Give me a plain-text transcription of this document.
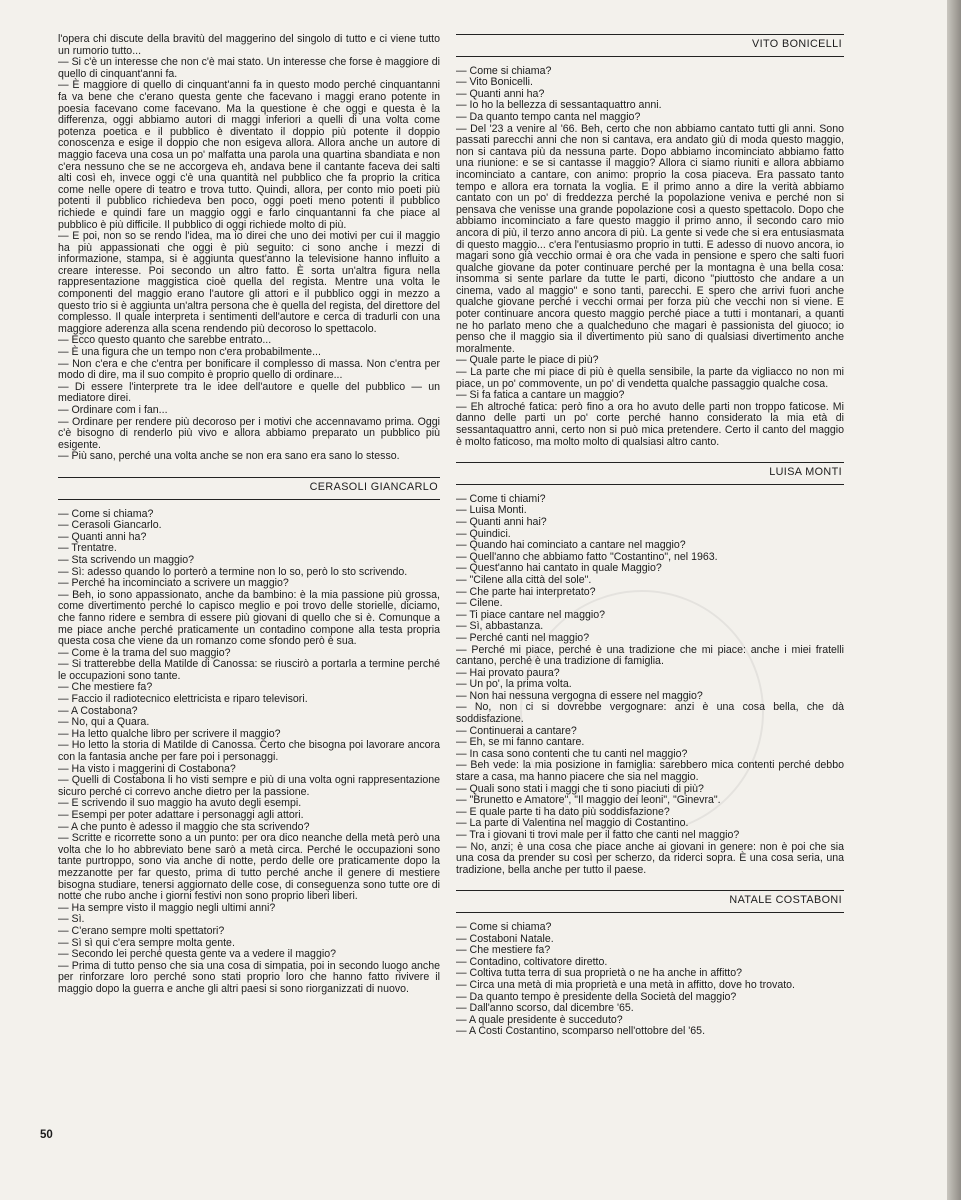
l'opera chi discute della bravitù del maggerino del singolo di tutto e ci viene tutto un rumorio tutto...

— Si c'è un interesse che non c'è mai stato. Un interesse che forse è maggiore di quello di cinquant'anni fa.

— È maggiore di quello di cinquant'anni fa in questo modo perché cinquantanni fa va bene che c'erano questa gente che facevano i maggi erano potente in poesia facevano come facevano. Ma la questione è che oggi e questa è la differenza, oggi abbiamo autori di maggi inferiori a quelli di una volta come potenza poetica e il pubblico è diventato il doppio più potente il doppio conoscenza e esige il doppio che non esigeva allora. Allora anche un autore di maggio faceva una cosa un po' malfatta una parola una quartina sbandiata e non c'era nessuno che se ne accorgeva eh, andava bene il cantante faceva dei salti alti così eh, invece oggi c'è una quantità nel pubblico che fa proprio la critica come nelle opere di teatro e trova tutto. Quindi, allora, per conto mio poeti più potenti il pubblico richiedeva ben poco, oggi poeti meno potenti il pubblico richiede e quindi fare un maggio oggi e farlo cinquantanni fa che piace al pubblico è più difficile. Il pubblico di oggi richiede molto di più.

— E poi, non so se rendo l'idea, ma io direi che uno dei motivi per cui il maggio ha più appassionati che oggi è più seguito: ci sono anche i mezzi di informazione, stampa, si è aggiunta quest'anno la televisione hanno influito a creare interesse. Poi secondo un altro fatto. È sorta un'altra figura nella rappresentazione maggistica cioè quella del regista. Mentre una volta le componenti del maggio erano l'autore gli attori e il pubblico oggi in mezzo a questo trio si è aggiunta un'altra persona che è quella del regista, del direttore del complesso. Il quale interpreta i sentimenti dell'autore e cerca di tradurli con una maggiore aderenza alla scena rendendo più decoroso lo spettacolo.

— Ecco questo quanto che sarebbe entrato...

— È una figura che un tempo non c'era probabilmente...

— Non c'era e che c'entra per bonificare il complesso di massa. Non c'entra per modo di dire, ma il suo compito è proprio quello di ordinare...

— Di essere l'interprete tra le idee dell'autore e quelle del pubblico — un mediatore direi.

— Ordinare com i fan...

— Ordinare per rendere più decoroso per i motivi che accennavamo prima. Oggi c'è bisogno di renderlo più vivo e allora abbiamo preparato un pubblico più esigente.

— Più sano, perché una volta anche se non era sano era sano lo stesso.

CERASOLI GIANCARLO

— Come si chiama?

— Cerasoli Giancarlo.

— Quanti anni ha?

— Trentatre.

— Sta scrivendo un maggio?

— Sì: adesso quando lo porterò a termine non lo so, però lo sto scrivendo.

— Perché ha incominciato a scrivere un maggio?

— Beh, io sono appassionato, anche da bambino: è la mia passione più grossa, come divertimento perché lo capisco meglio e poi trovo delle storielle, diciamo, che fanno ridere e sembra di essere più giovani di quello che si è. Comunque a me piace anche perché praticamente un contadino compone alla testa propria questa cosa che viene da un romanzo come sfondo però è sua.

— Come è la trama del suo maggio?

— Si tratterebbe della Matilde di Canossa: se riuscirò a portarla a termine perché le occupazioni sono tante.

— Che mestiere fa?

— Faccio il radiotecnico elettricista e riparo televisori.

— A Costabona?

— No, qui a Quara.

— Ha letto qualche libro per scrivere il maggio?

— Ho letto la storia di Matilde di Canossa. Certo che bisogna poi lavorare ancora con la fantasia anche per fare poi i personaggi.

— Ha visto i maggerini di Costabona?

— Quelli di Costabona li ho visti sempre e più di una volta ogni rappresentazione sicuro perché ci correvo anche dietro per la passione.

— E scrivendo il suo maggio ha avuto degli esempi.

— Esempi per poter adattare i personaggi agli attori.

— A che punto è adesso il maggio che sta scrivendo?

— Scritte e ricorrette sono a un punto: per ora dico neanche della metà però una volta che lo ho abbreviato bene sarò a metà circa. Perché le occupazioni sono tante purtroppo, sono via anche di notte, perdo delle ore praticamente dopo la mezzanotte per far questo, prima di tutto perché anche il genere di mestiere bisogna studiare, tenersi aggiornato delle cose, di conseguenza sono tutte ore di notte che rubo anche i giorni festivi non sono proprio liberi liberi.

— Ha sempre visto il maggio negli ultimi anni?

— Sì.

— C'erano sempre molti spettatori?

— Sì sì qui c'era sempre molta gente.

— Secondo lei perché questa gente va a vedere il maggio?

— Prima di tutto penso che sia una cosa di simpatia, poi in secondo luogo anche per rinforzare loro perché sono stati proprio loro che hanno fatto rivivere il maggio dopo la guerra e anche gli altri paesi si sono riorganizzati di nuovo.

VITO BONICELLI

— Come si chiama?

— Vito Bonicelli.

— Quanti anni ha?

— Io ho la bellezza di sessantaquattro anni.

— Da quanto tempo canta nel maggio?

— Del '23 a venire al '66. Beh, certo che non abbiamo cantato tutti gli anni. Sono passati parecchi anni che non si cantava, era andato giù di moda questo maggio, non si cantava più da nessuna parte. Dopo abbiamo incominciato abbiamo fatto una riunione: e se si cantasse il maggio? Allora ci siamo riuniti e allora abbiamo incominciato a cantare, con animo: proprio la cosa piaceva. Era passato tanto tempo e allora era tornata la voglia. E il primo anno a dire la verità abbiamo cantato con un po' di freddezza perché la popolazione veniva e perché non si pensava che venisse una grande popolazione così a questo spettacolo. Dopo che abbiamo incominciato a fare questo maggio il primo anno, il secondo caro mio ancora di più, il terzo anno ancora di più. La gente si vede che si era entusiasmata di questo maggio... c'era l'entusiasmo proprio in tutti. E adesso di nuovo ancora, io magari sono già vecchio ormai è ora che vada in pensione e spero che salti fuori qualche giovane da poter continuare perché per la montagna è una bella cosa: insomma si sente parlare da tutte le parti, dicono "piuttosto che andare a un cinema, vado al maggio" e sono tanti, parecchi. E spero che arrivi fuori anche qualche giovane perché i vecchi ormai per forza più che vecchi non si viene. E poter continuare ancora questo maggio perché piace a tutti i montanari, a quanti ne ho parlato meno che a qualcheduno che magari è passionista del giuoco; io penso che il maggio sia il divertimento più sano di qualsiasi divertimento anche moralmente.

— Quale parte le piace di più?

— La parte che mi piace di più è quella sensibile, la parte da vigliacco no non mi piace, un po' commovente, un po' di vendetta qualche passaggio qualche cosa.

— Si fa fatica a cantare un maggio?

— Eh altroché fatica: però fino a ora ho avuto delle parti non troppo faticose. Mi danno delle parti un po' corte perché hanno considerato la mia età di sessantaquattro anni, certo non si può mica pretendere. Certo il canto del maggio è molto faticoso, ma molto molto di qualsiasi altro canto.

LUISA MONTI

— Come ti chiami?

— Luisa Monti.

— Quanti anni hai?

— Quindici.

— Quando hai cominciato a cantare nel maggio?

— Quell'anno che abbiamo fatto "Costantino", nel 1963.

— Quest'anno hai cantato in quale Maggio?

— "Cilene alla città del sole".

— Che parte hai interpretato?

— Cilene.

— Ti piace cantare nel maggio?

— Sì, abbastanza.

— Perché canti nel maggio?

— Perché mi piace, perché è una tradizione che mi piace: anche i miei fratelli cantano, perché è una tradizione di famiglia.

— Hai provato paura?

— Un po', la prima volta.

— Non hai nessuna vergogna di essere nel maggio?

— No, non ci si dovrebbe vergognare: anzi è una cosa bella, che dà soddisfazione.

— Continuerai a cantare?

— Eh, se mi fanno cantare.

— In casa sono contenti che tu canti nel maggio?

— Beh vede: la mia posizione in famiglia: sarebbero mica contenti perché debbo stare a casa, ma hanno piacere che sia nel maggio.

— Quali sono stati i maggi che ti sono piaciuti di più?

— "Brunetto e Amatore", "Il maggio dei leoni", "Ginevra".

— E quale parte ti ha dato più soddisfazione?

— La parte di Valentina nel maggio di Costantino.

— Tra i giovani ti trovi male per il fatto che canti nel maggio?

— No, anzi; è una cosa che piace anche ai giovani in genere: non è poi che sia una cosa da prender su così per scherzo, da riderci sopra. È una cosa seria, una tradizione, bella anche per tutto il paese.

NATALE COSTABONI

— Come si chiama?

— Costaboni Natale.

— Che mestiere fa?

— Contadino, coltivatore diretto.

— Coltiva tutta terra di sua proprietà o ne ha anche in affitto?

— Circa una metà di mia proprietà e una metà in affitto, dove ho trovato.

— Da quanto tempo è presidente della Società del maggio?

— Dall'anno scorso, dal dicembre '65.

— A quale presidente è succeduto?

— A Costi Costantino, scomparso nell'ottobre del '65.

50
